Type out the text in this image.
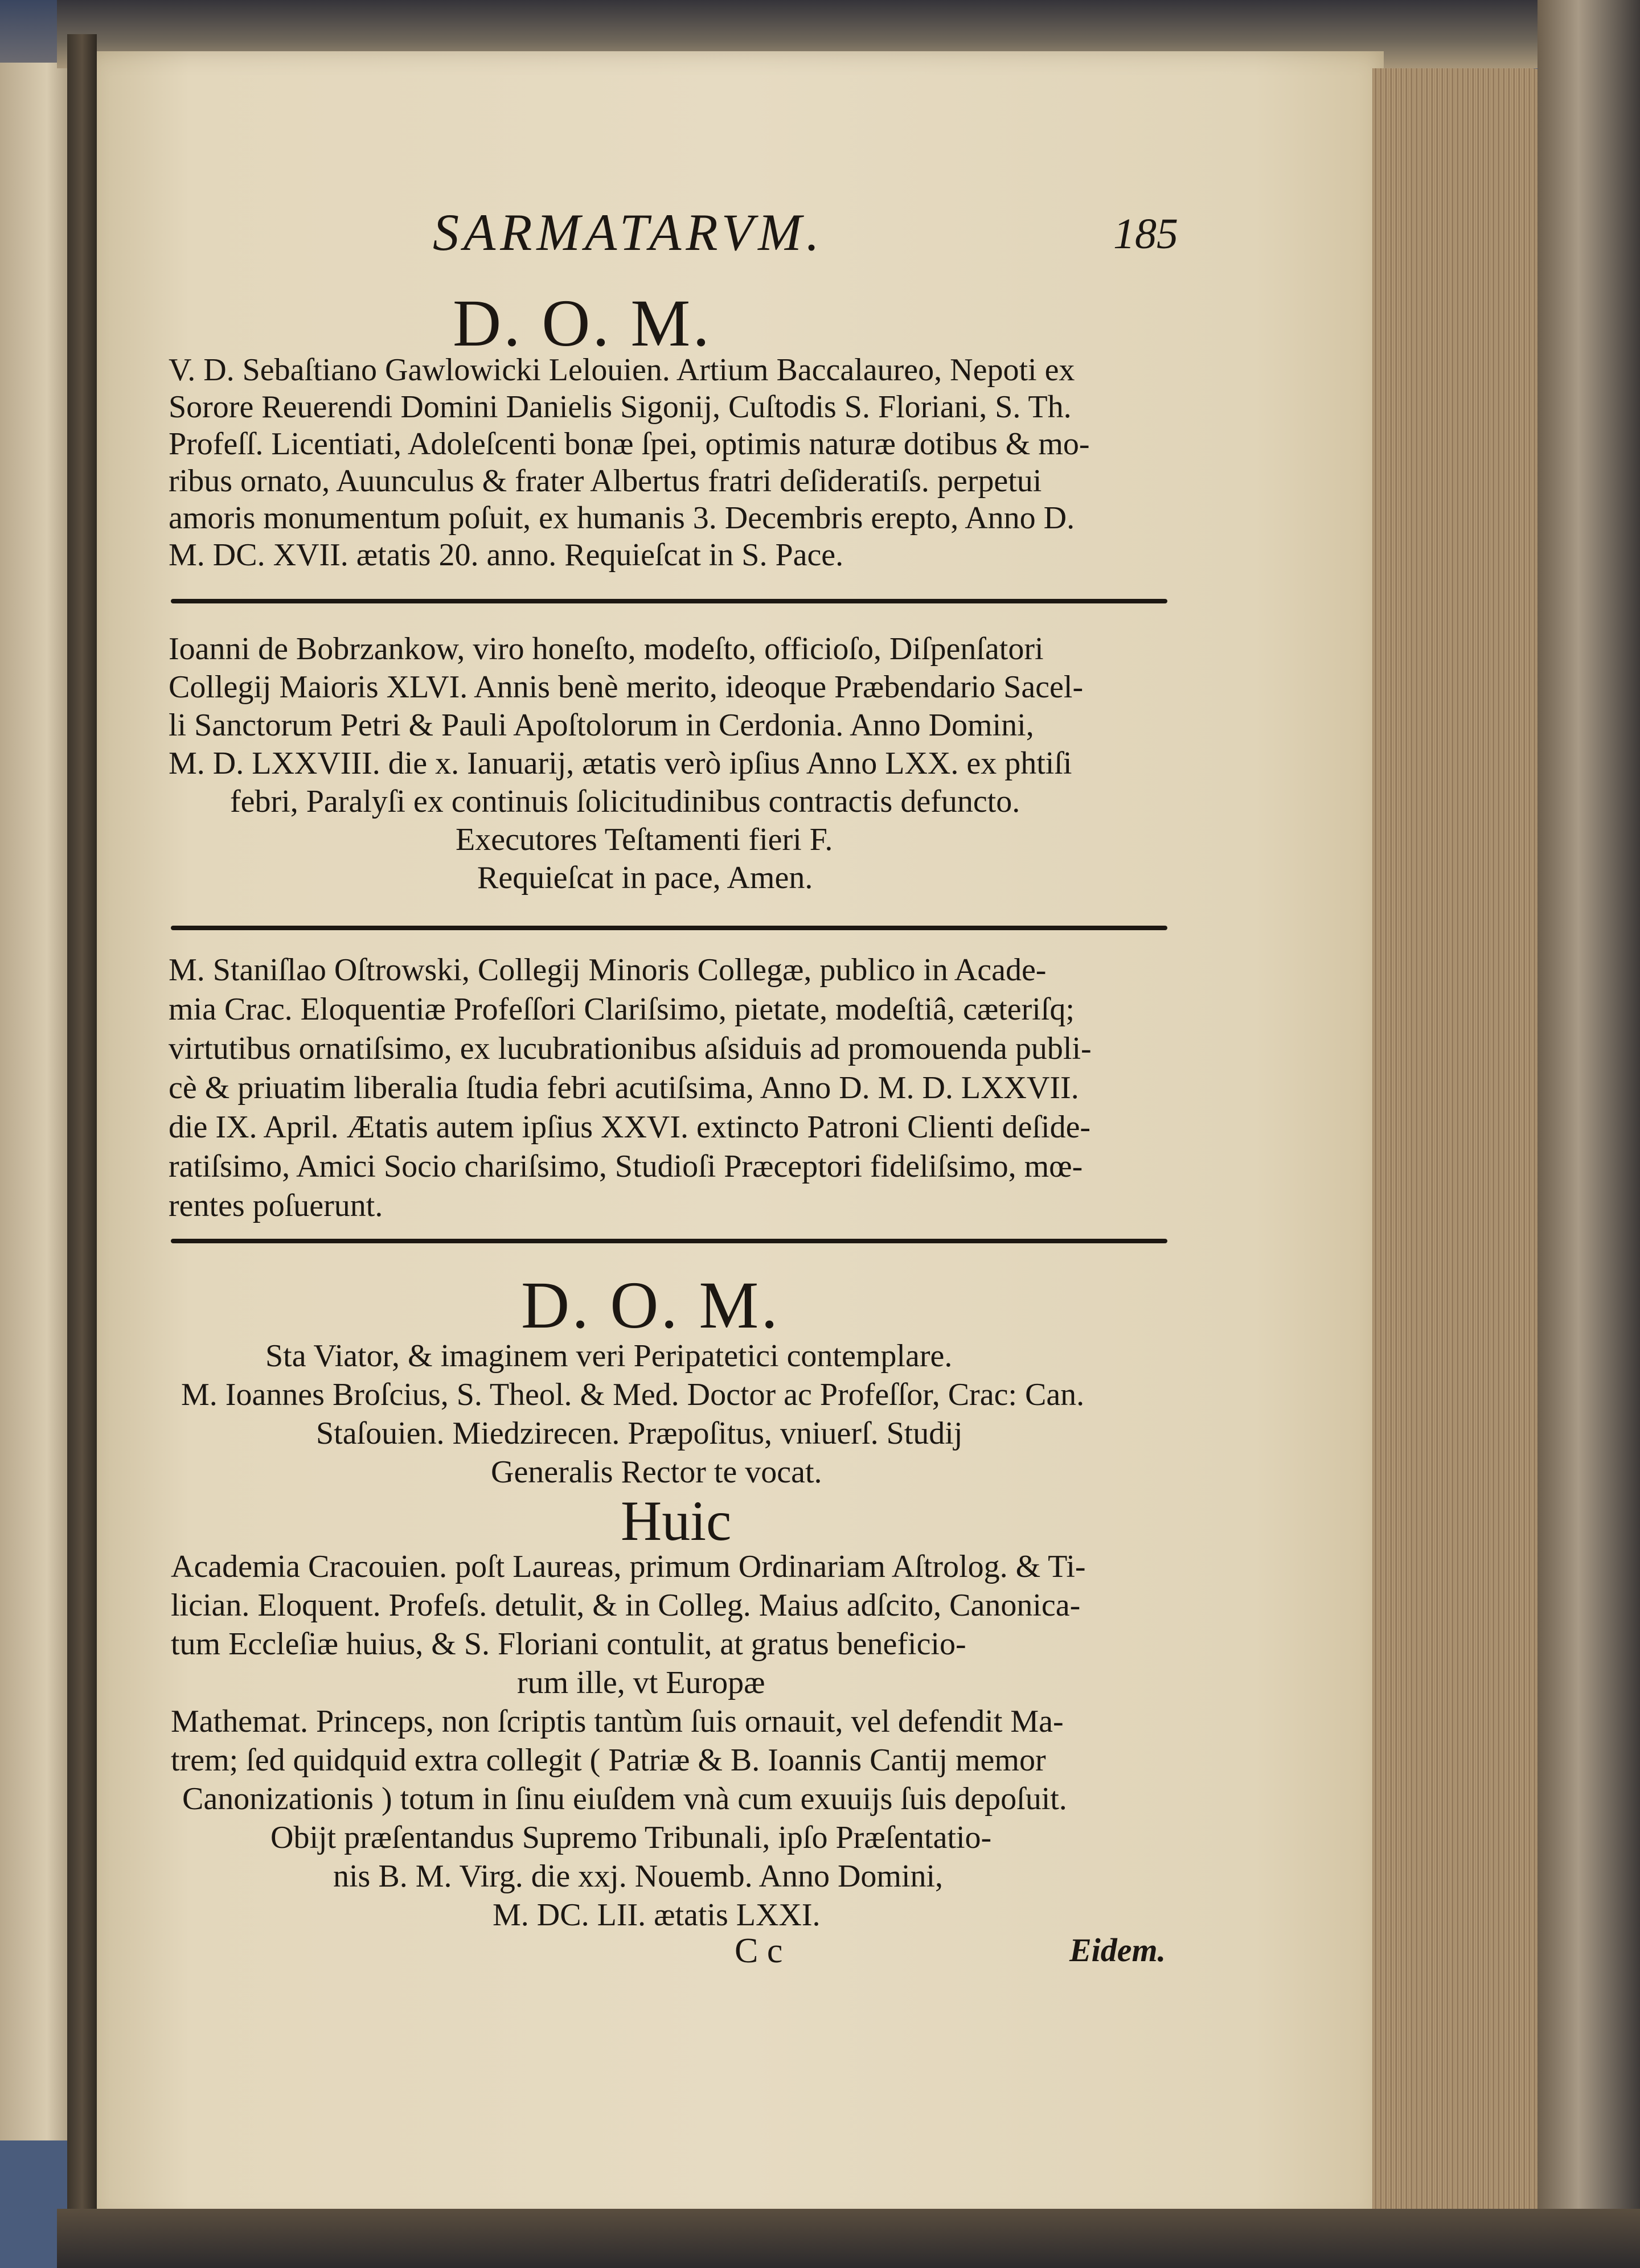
SARMATARVM.	185
D. O. M.
V. D. Sebaſtiano Gawlowicki Lelouien. Artium Baccalaureo, Nepoti ex
Sorore Reuerendi Domini Danielis Sigonij, Cuſtodis S. Floriani, S. Th.
Profeſſ. Licentiati, Adoleſcenti bonæ ſpei, optimis naturæ dotibus & mo-
ribus ornato, Auunculus & frater Albertus fratri deſideratiſs. perpetui
amoris monumentum poſuit, ex humanis 3. Decembris erepto, Anno D.
M. DC. XVII. ætatis 20. anno. Requieſcat in S. Pace.
Ioanni de Bobrzankow, viro honeſto, modeſto, officioſo, Diſpenſatori
Collegij Maioris XLVI. Annis benè merito, ideoque Præbendario Sacel-
li Sanctorum Petri & Pauli Apoſtolorum in Cerdonia. Anno Domini,
M. D. LXXVIII. die x. Ianuarij, ætatis verò ipſius Anno LXX. ex phtiſi
febri, Paralyſi ex continuis ſolicitudinibus contractis defuncto.
Executores Teſtamenti fieri F.
Requieſcat in pace, Amen.
M. Staniſlao Oſtrowski, Collegij Minoris Collegæ, publico in Acade-
mia Crac. Eloquentiæ Profeſſori Clariſsimo, pietate, modeſtiâ, cæteriſq;
virtutibus ornatiſsimo, ex lucubrationibus aſsiduis ad promouenda publi-
cè & priuatim liberalia ſtudia febri acutiſsima, Anno D. M. D. LXXVII.
die IX. April. Ætatis autem ipſius XXVI. extincto Patroni Clienti deſide-
ratiſsimo, Amici Socio chariſsimo, Studioſi Præceptori fideliſsimo, mœ-
rentes poſuerunt.
D. O. M.
Sta Viator, & imaginem veri Peripatetici contemplare.
M. Ioannes Broſcius, S. Theol. & Med. Doctor ac Profeſſor, Crac: Can.
Staſouien. Miedzirecen. Præpoſitus, vniuerſ. Studij
Generalis Rector te vocat.
Huic
Academia Cracouien. poſt Laureas, primum Ordinariam Aſtrolog. & Ti-
lician. Eloquent. Profeſs. detulit, & in Colleg. Maius adſcito, Canonica-
tum Eccleſiæ huius, & S. Floriani contulit, at gratus beneficio-
rum ille, vt Europæ
Mathemat. Princeps, non ſcriptis tantùm ſuis ornauit, vel defendit Ma-
trem; ſed quidquid extra collegit ( Patriæ & B. Ioannis Cantij memor
Canonizationis ) totum in ſinu eiuſdem vnà cum exuuijs ſuis depoſuit.
Obijt præſentandus Supremo Tribunali, ipſo Præſentatio-
nis B. M. Virg. die xxj. Nouemb. Anno Domini,
M. DC. LII. ætatis LXXI.
C c	Eidem.
